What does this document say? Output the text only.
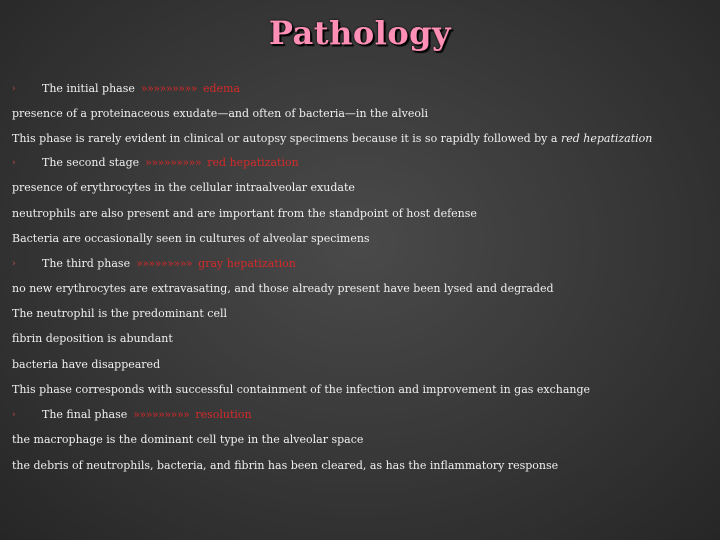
Pathology
› The initial phase »»»»»»»»» edema
presence of a proteinaceous exudate—and often of bacteria—in the alveoli
This phase is rarely evident in clinical or autopsy specimens because it is so rapidly followed by a red hepatization
› The second stage »»»»»»»»» red hepatization
presence of erythrocytes in the cellular intraalveolar exudate
neutrophils are also present and are important from the standpoint of host defense
Bacteria are occasionally seen in cultures of alveolar specimens
› The third phase »»»»»»»»» gray hepatization
no new erythrocytes are extravasating, and those already present have been lysed and degraded
The neutrophil is the predominant cell
fibrin deposition is abundant
bacteria have disappeared
This phase corresponds with successful containment of the infection and improvement in gas exchange
› The final phase »»»»»»»»» resolution
the macrophage is the dominant cell type in the alveolar space
the debris of neutrophils, bacteria, and fibrin has been cleared, as has the inflammatory response
